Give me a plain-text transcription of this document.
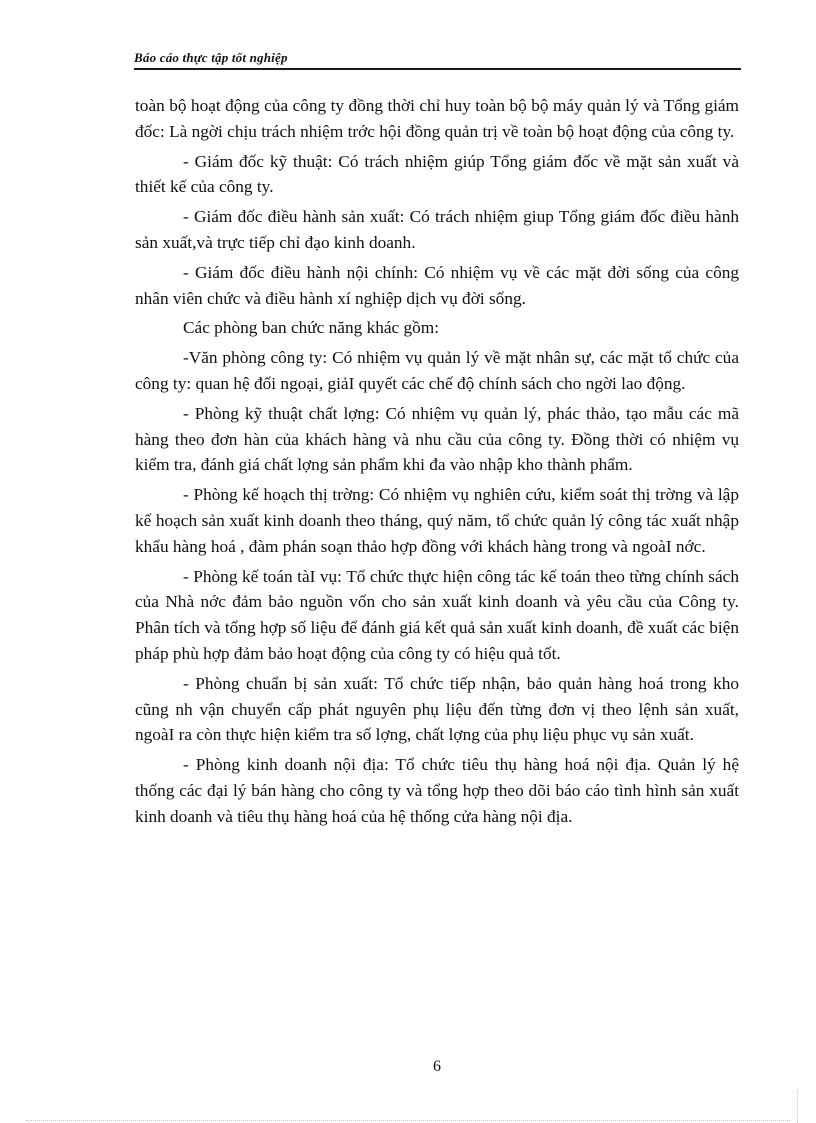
Báo cáo thực tập tốt nghiệp

toàn bộ hoạt động của công ty đồng thời chỉ huy toàn bộ bộ máy quản lý và Tổng giám đốc: Là ngời chịu trách nhiệm trớc hội đồng quản trị về toàn bộ hoạt động của công ty.

- Giám đốc kỹ thuật: Có trách nhiệm giúp Tổng giám đốc về mặt sản xuất và thiết kế của công ty.

- Giám đốc điều hành sản xuất: Có trách nhiệm giup Tổng giám đốc điều hành sản xuất,và trực tiếp chỉ đạo kinh doanh.

- Giám đốc điều hành nội chính: Có nhiệm vụ về các mặt đời sống của công nhân viên chức và điều hành xí nghiệp dịch vụ đời sống.

Các phòng ban chức năng khác gồm:

-Văn phòng công ty: Có nhiệm vụ quản lý về mặt nhân sự, các mặt tổ chức của công ty: quan hệ đối ngoại, giảI quyết các chế độ chính sách cho ngời lao động.

- Phòng kỹ thuật chất lợng: Có nhiệm vụ quản lý, phác thảo, tạo mẫu các mã hàng theo đơn hàn của khách hàng và nhu cầu của công ty. Đồng thời có nhiệm vụ kiểm tra, đánh giá chất lợng sản phẩm khi đa vào nhập kho thành phẩm.

- Phòng kế hoạch thị trờng: Có nhiệm vụ nghiên cứu, kiểm soát thị trờng và lập kế hoạch sản xuất kinh doanh theo tháng, quý năm, tổ chức quản lý công tác xuất nhập khẩu hàng hoá , đàm phán soạn thảo hợp đồng với khách hàng trong và ngoàI nớc.

- Phòng kế toán tàI vụ: Tổ chức thực hiện công tác kế toán theo từng chính sách của Nhà nớc đảm bảo nguồn vốn cho sản xuất kinh doanh và yêu cầu của Công ty. Phân tích và tổng hợp số liệu để đánh giá kết quả sản xuất kinh doanh, đề xuất các biện pháp phù hợp đảm bảo hoạt động của công ty có hiệu quả tốt.

- Phòng chuẩn bị sản xuất: Tổ chức tiếp nhận, bảo quản hàng hoá trong kho cũng nh vận chuyển cấp phát nguyên phụ liệu đến từng đơn vị theo lệnh sản xuất, ngoàI ra còn thực hiện kiểm tra số lợng, chất lợng của phụ liệu phục vụ sản xuất.

- Phòng kinh doanh nội địa: Tổ chức tiêu thụ hàng hoá nội địa. Quản lý hệ thống các đại lý bán hàng cho công ty và tổng hợp theo dõi báo cáo tình hình sản xuất kinh doanh và tiêu thụ hàng hoá của hệ thống cửa hàng nội địa.

6
